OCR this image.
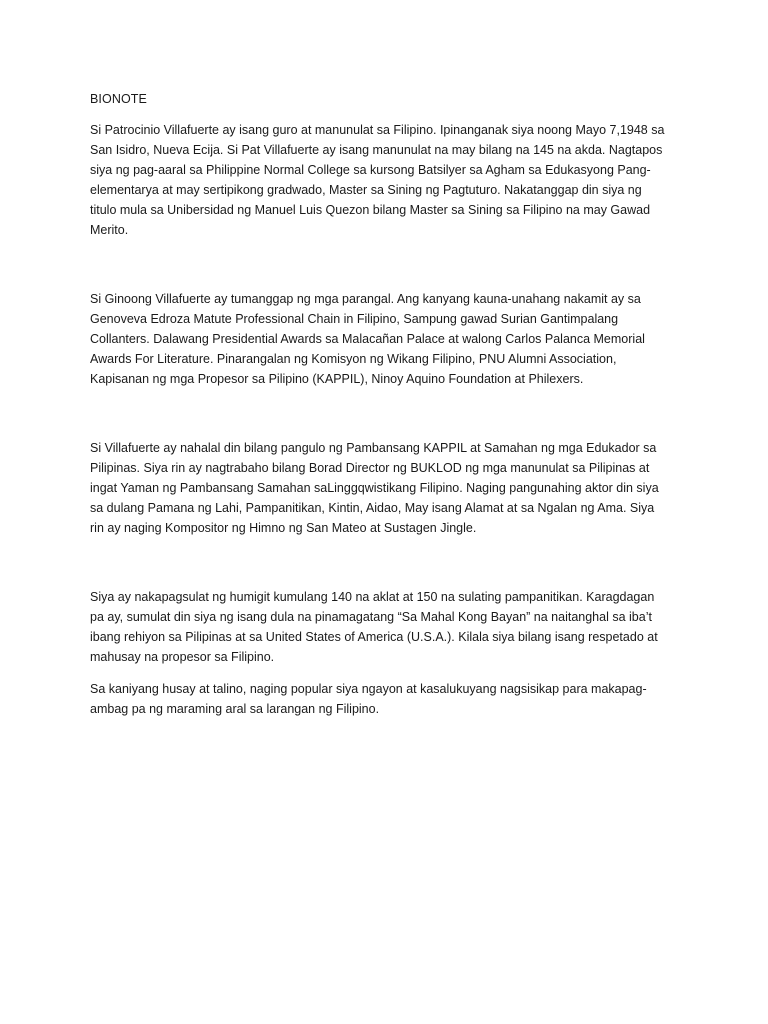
BIONOTE

Si Patrocinio Villafuerte ay isang guro at manunulat sa Filipino. Ipinanganak siya noong Mayo 7,1948 sa San Isidro, Nueva Ecija. Si Pat Villafuerte ay isang manunulat na may bilang na 145 na akda. Nagtapos siya ng pag-aaral sa Philippine Normal College sa kursong Batsilyer sa Agham sa Edukasyong Pang-elementarya at may sertipikong gradwado, Master sa Sining ng Pagtuturo. Nakatanggap din siya ng titulo mula sa Unibersidad ng Manuel Luis Quezon bilang Master sa Sining sa Filipino na may Gawad Merito.

Si Ginoong Villafuerte ay tumanggap ng mga parangal. Ang kanyang kauna-unahang nakamit ay sa Genoveva Edroza Matute Professional Chain in Filipino, Sampung gawad Surian Gantimpalang Collanters. Dalawang Presidential Awards sa Malacañan Palace at walong Carlos Palanca Memorial Awards For Literature. Pinarangalan ng Komisyon ng Wikang Filipino, PNU Alumni Association, Kapisanan ng mga Propesor sa Pilipino (KAPPIL), Ninoy Aquino Foundation at Philexers.

Si Villafuerte ay nahalal din bilang pangulo ng Pambansang KAPPIL at Samahan ng mga Edukador sa Pilipinas. Siya rin ay nagtrabaho bilang Borad Director ng BUKLOD ng mga manunulat sa Pilipinas at ingat Yaman ng Pambansang Samahan saLinggqwistikang Filipino. Naging pangunahing aktor din siya sa dulang Pamana ng Lahi, Pampanitikan, Kintin, Aidao, May isang Alamat at sa Ngalan ng Ama. Siya rin ay naging Kompositor ng Himno ng San Mateo at Sustagen Jingle.

Siya ay nakapagsulat ng humigit kumulang 140 na aklat at 150 na sulating pampanitikan. Karagdagan pa ay, sumulat din siya ng isang dula na pinamagatang “Sa Mahal Kong Bayan” na naitanghal sa iba’t ibang rehiyon sa Pilipinas at sa United States of America (U.S.A.). Kilala siya bilang isang respetado at mahusay na propesor sa Filipino.

Sa kaniyang husay at talino, naging popular siya ngayon at kasalukuyang nagsisikap para makapag-ambag pa ng maraming aral sa larangan ng Filipino.
